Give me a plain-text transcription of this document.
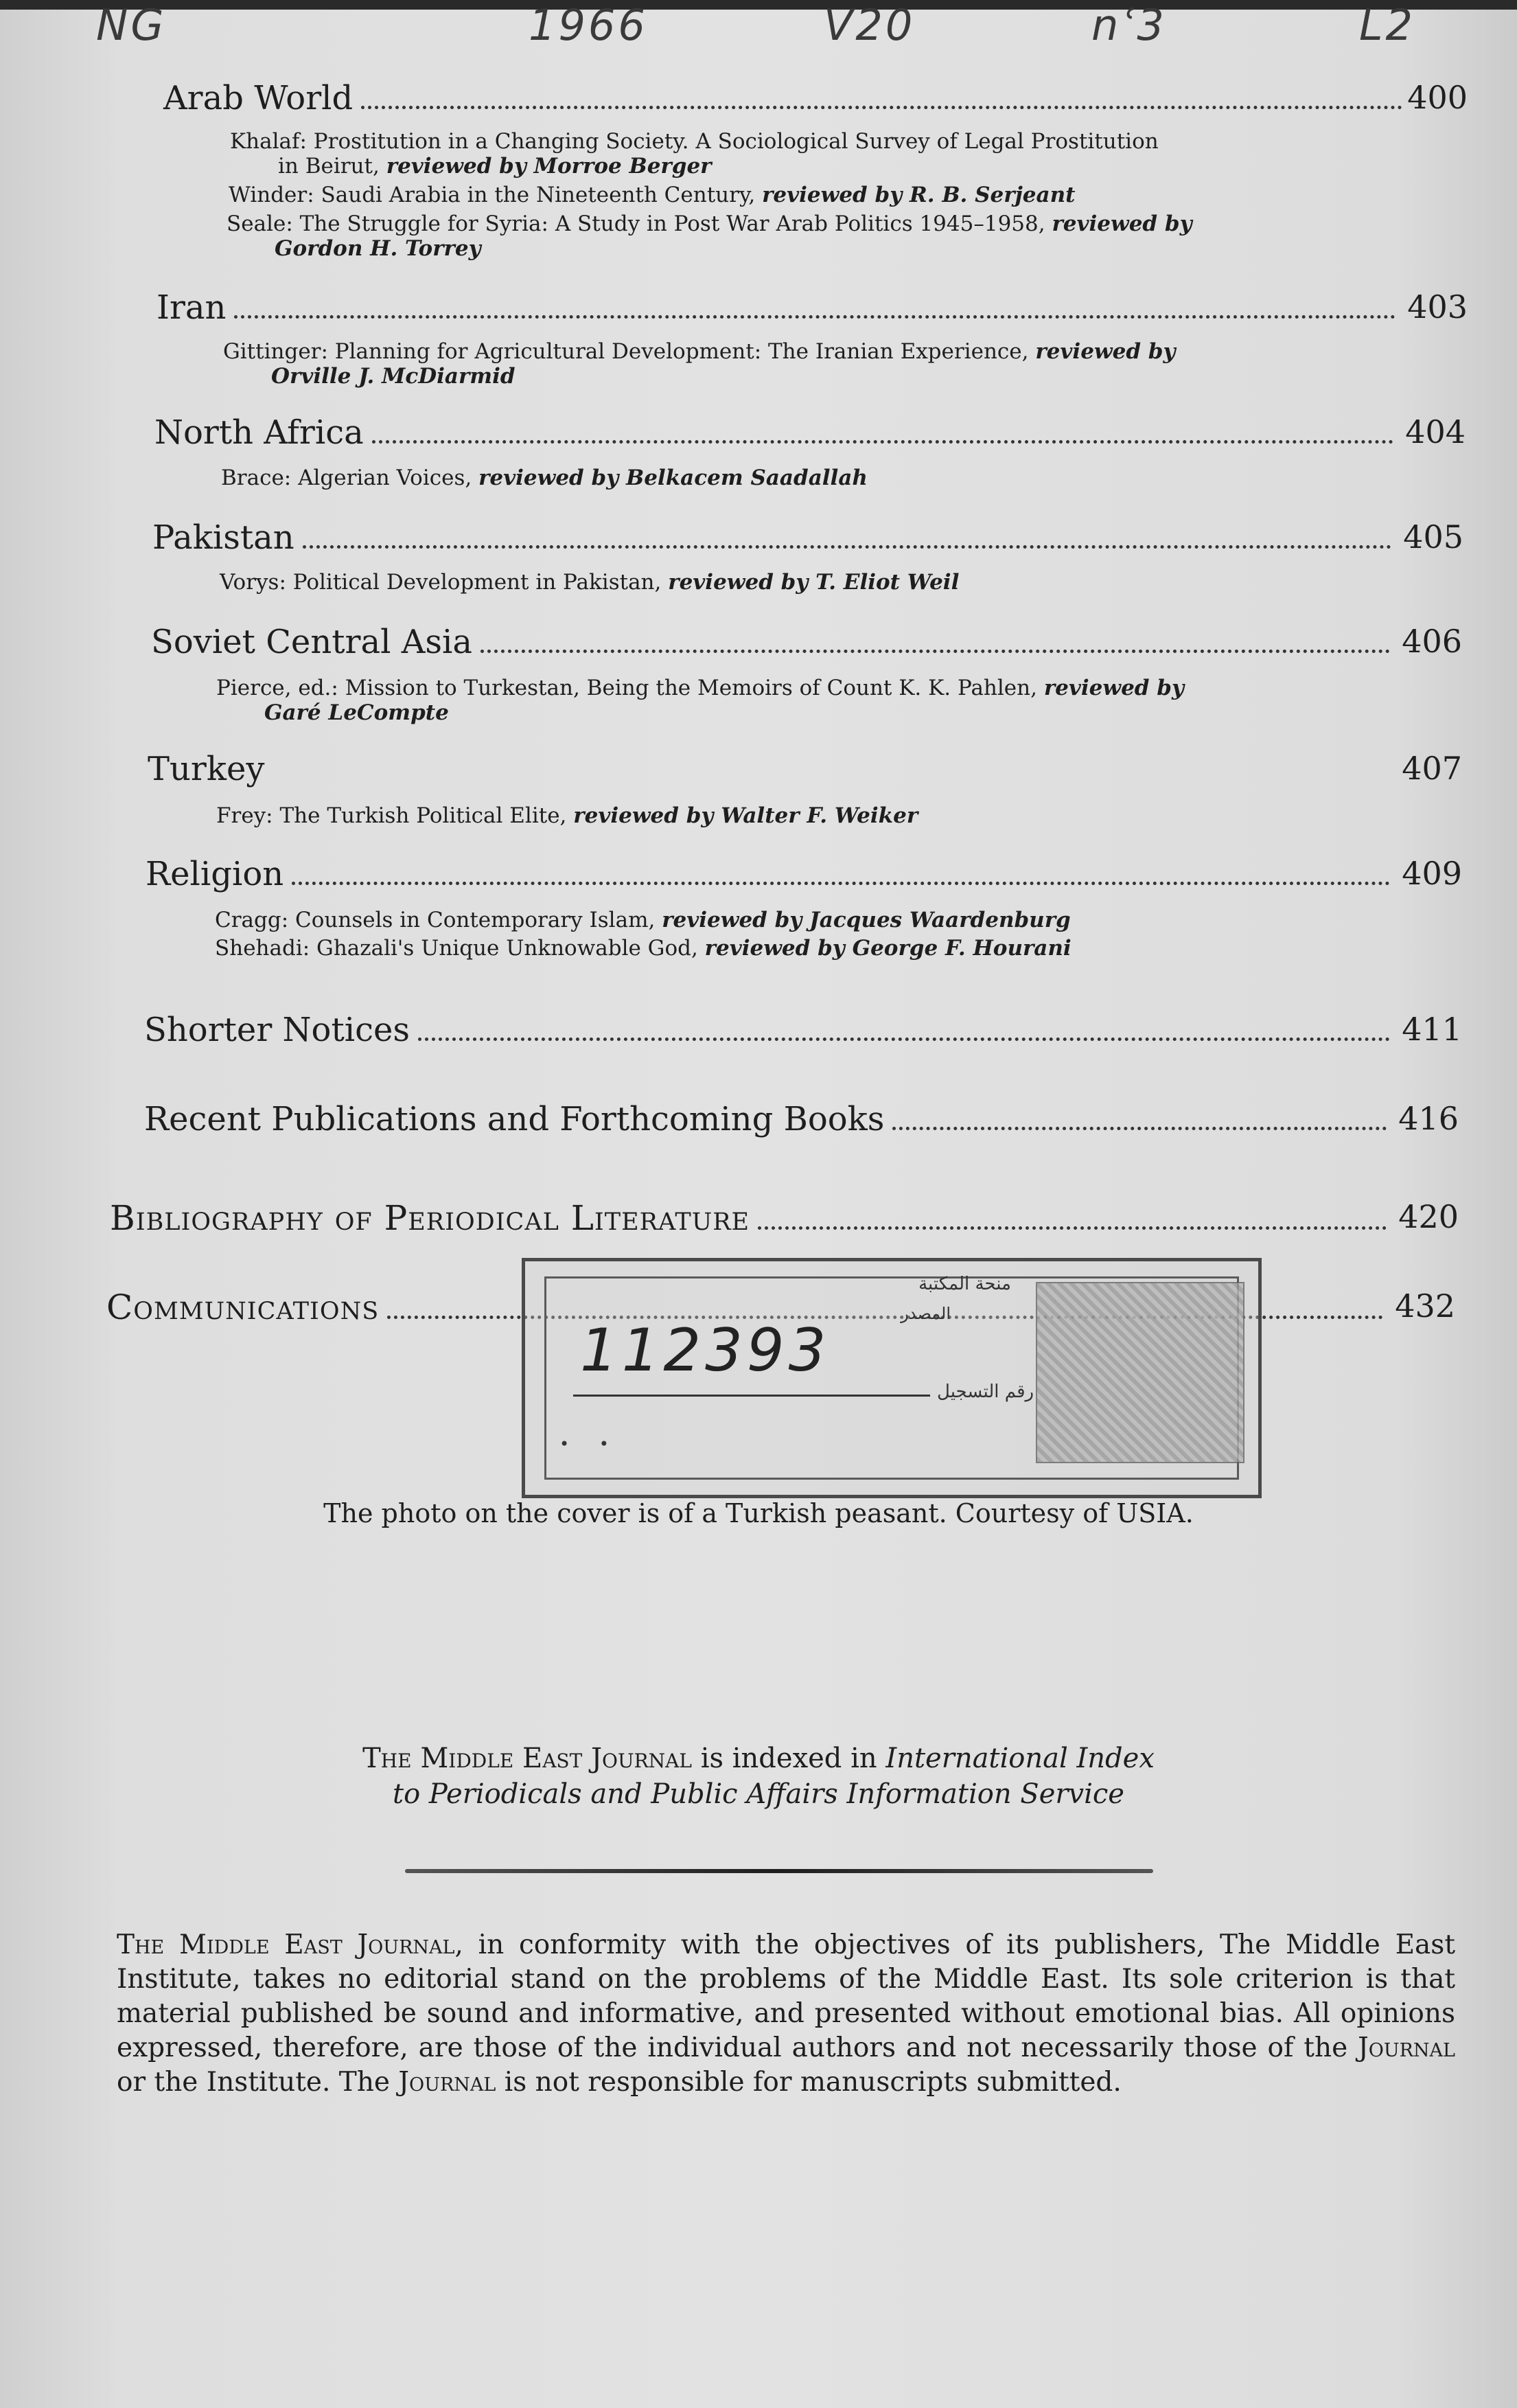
NG	1966	V20	nʿ3	L2
Arab World	400
Khalaf: Prostitution in a Changing Society. A Sociological Survey of Legal Prostitution
in Beirut, reviewed by Morroe Berger
Winder: Saudi Arabia in the Nineteenth Century, reviewed by R. B. Serjeant
Seale: The Struggle for Syria: A Study in Post War Arab Politics 1945–1958, reviewed by
Gordon H. Torrey
Iran	403
Gittinger: Planning for Agricultural Development: The Iranian Experience, reviewed by
Orville J. McDiarmid
North Africa	404
Brace: Algerian Voices, reviewed by Belkacem Saadallah
Pakistan	405
Vorys: Political Development in Pakistan, reviewed by T. Eliot Weil
Soviet Central Asia	406
Pierce, ed.: Mission to Turkestan, Being the Memoirs of Count K. K. Pahlen, reviewed by
Garé LeCompte
Turkey	407
Frey: The Turkish Political Elite, reviewed by Walter F. Weiker
Religion	409
Cragg: Counsels in Contemporary Islam, reviewed by Jacques Waardenburg
Shehadi: Ghazali's Unique Unknowable God, reviewed by George F. Hourani
Shorter Notices	411
Recent Publications and Forthcoming Books	416
Bibliography of Periodical Literature	420
Communications	432
منحة المكتبة
المصدر
112393
رقم التسجيل
• •
The photo on the cover is of a Turkish peasant. Courtesy of USIA.
The Middle East Journal is indexed in International Index
to Periodicals and Public Affairs Information Service
The Middle East Journal, in conformity with the objectives of its publishers, The Middle East Institute, takes no editorial stand on the problems of the Middle East. Its sole criterion is that material published be sound and informative, and presented without emotional bias. All opinions expressed, therefore, are those of the individual authors and not necessarily those of the Journal or the Institute. The Journal is not responsible for manuscripts submitted.
